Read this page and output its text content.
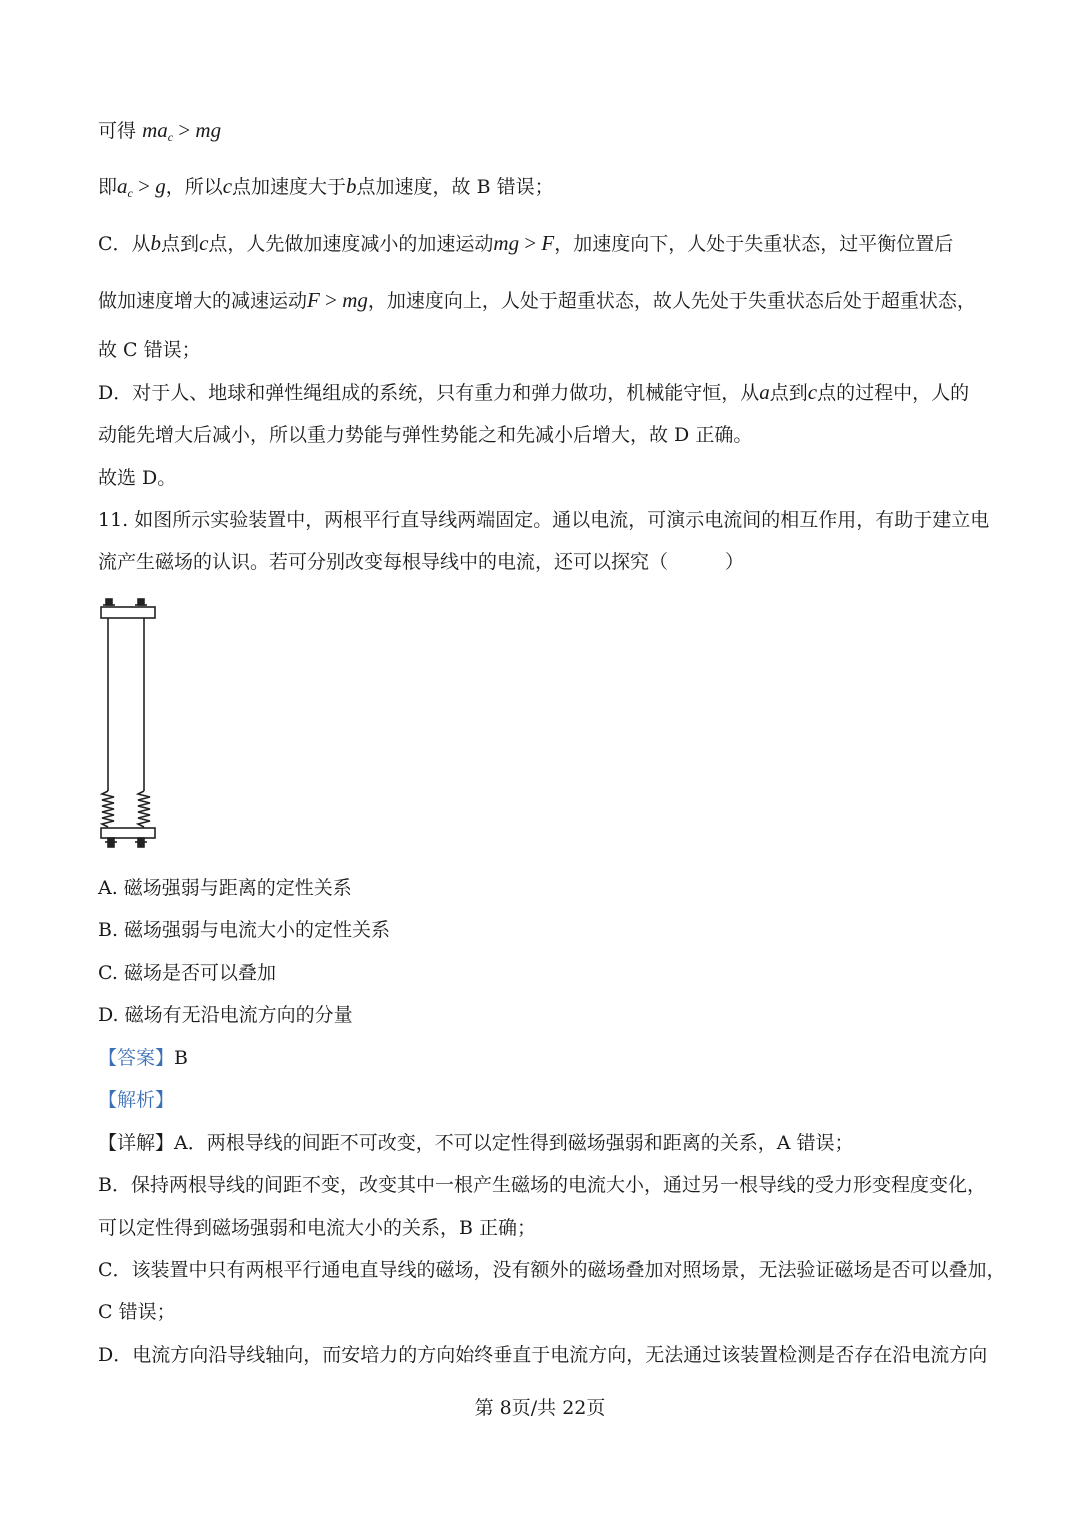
可得 $ma_c$ > mg
即$a_c > g$，所以c点加速度大于b点加速度，故 B 错误；
C．从b点到c点，人先做加速度减小的加速运动mg > F，加速度向下，人处于失重状态，过平衡位置后
做加速度增大的减速运动F > mg，加速度向上，人处于超重状态，故人先处于失重状态后处于超重状态，
故 C 错误；
D．对于人、地球和弹性绳组成的系统，只有重力和弹力做功，机械能守恒，从a点到c点的过程中，人的
动能先增大后减小，所以重力势能与弹性势能之和先减小后增大，故 D 正确。
故选 D。
11. 如图所示实验装置中，两根平行直导线两端固定。通以电流，可演示电流间的相互作用，有助于建立电
流产生磁场的认识。若可分别改变每根导线中的电流，还可以探究（　　　）
A. 磁场强弱与距离的定性关系
B. 磁场强弱与电流大小的定性关系
C. 磁场是否可以叠加
D. 磁场有无沿电流方向的分量
【答案】B
【解析】
【详解】A．两根导线的间距不可改变，不可以定性得到磁场强弱和距离的关系，A 错误；
B．保持两根导线的间距不变，改变其中一根产生磁场的电流大小，通过另一根导线的受力形变程度变化，
可以定性得到磁场强弱和电流大小的关系，B 正确；
C．该装置中只有两根平行通电直导线的磁场，没有额外的磁场叠加对照场景，无法验证磁场是否可以叠加，
C 错误；
D．电流方向沿导线轴向，而安培力的方向始终垂直于电流方向，无法通过该装置检测是否存在沿电流方向
第 8页/共 22页
